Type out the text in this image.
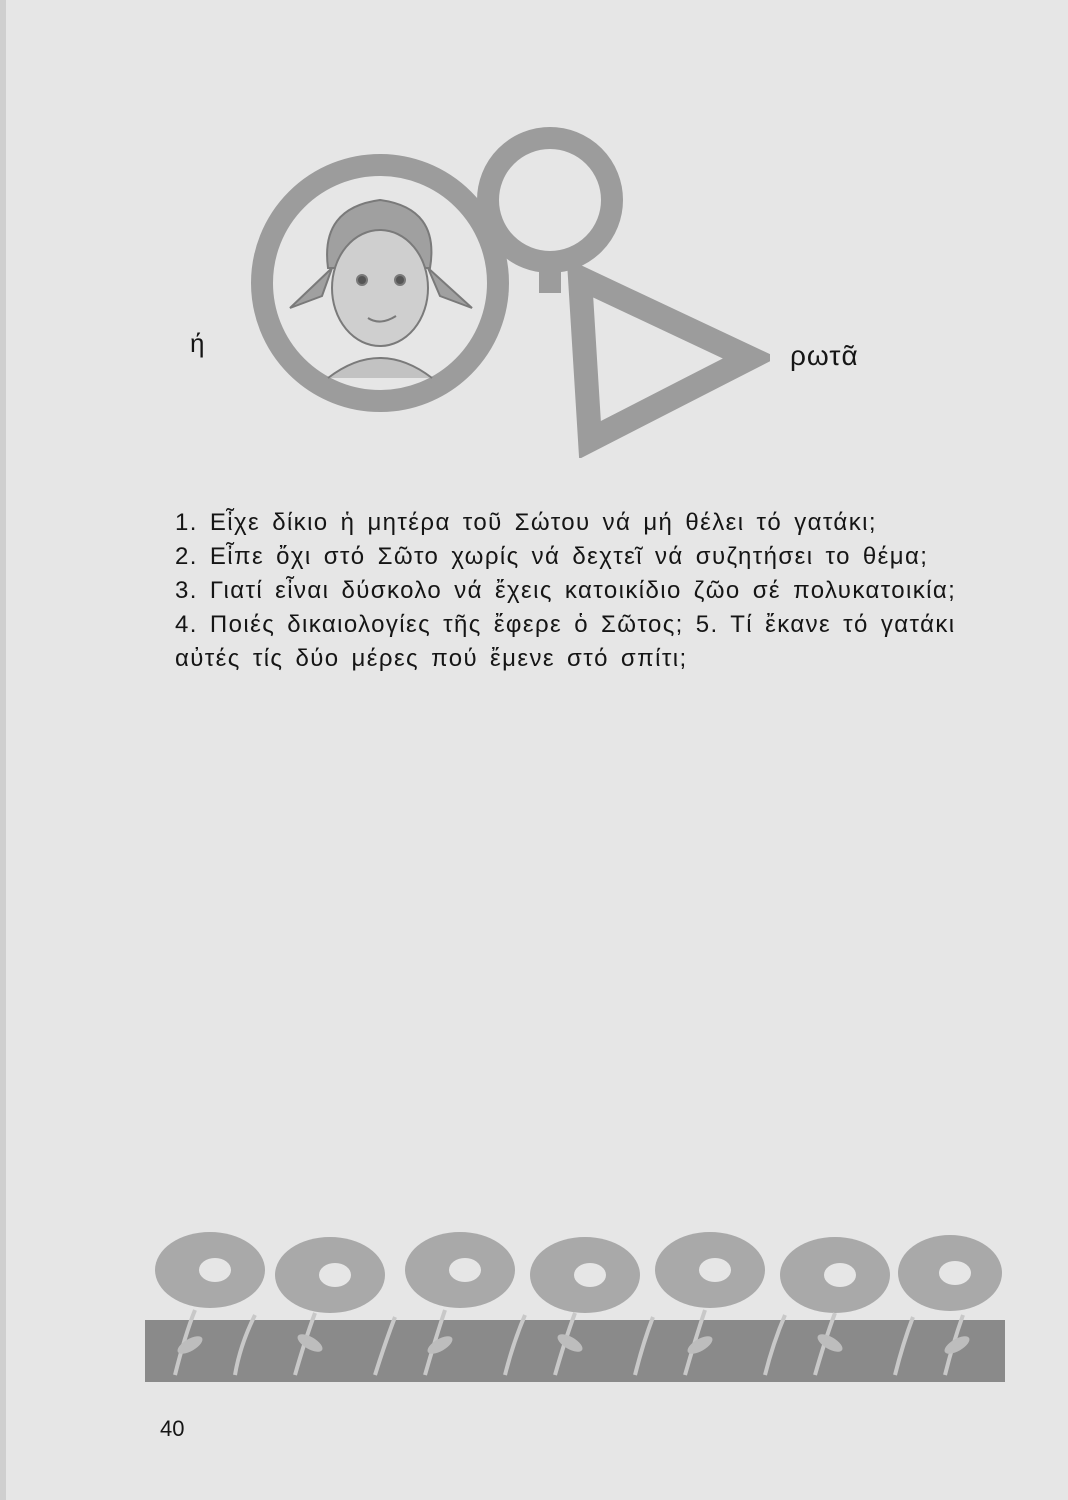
ή	ρωτᾶ

1. Εἶχε δίκιο ἡ μητέρα τοῦ Σώτου νά μή θέλει τό γατάκι;

2. Εἶπε ὄχι στό Σῶτο χωρίς νά δεχτεῖ νά συζητήσει το θέμα;

3. Γιατί εἶναι δύσκολο νά ἔχεις κατοικίδιο ζῶο σέ πολυκατοικία;

4. Ποιές δικαιολογίες τῆς ἔφερε ὁ Σῶτος; 5. Τί ἔκανε τό γατάκι

αὐτές τίς δύο μέρες πού ἔμενε στό σπίτι;

40
